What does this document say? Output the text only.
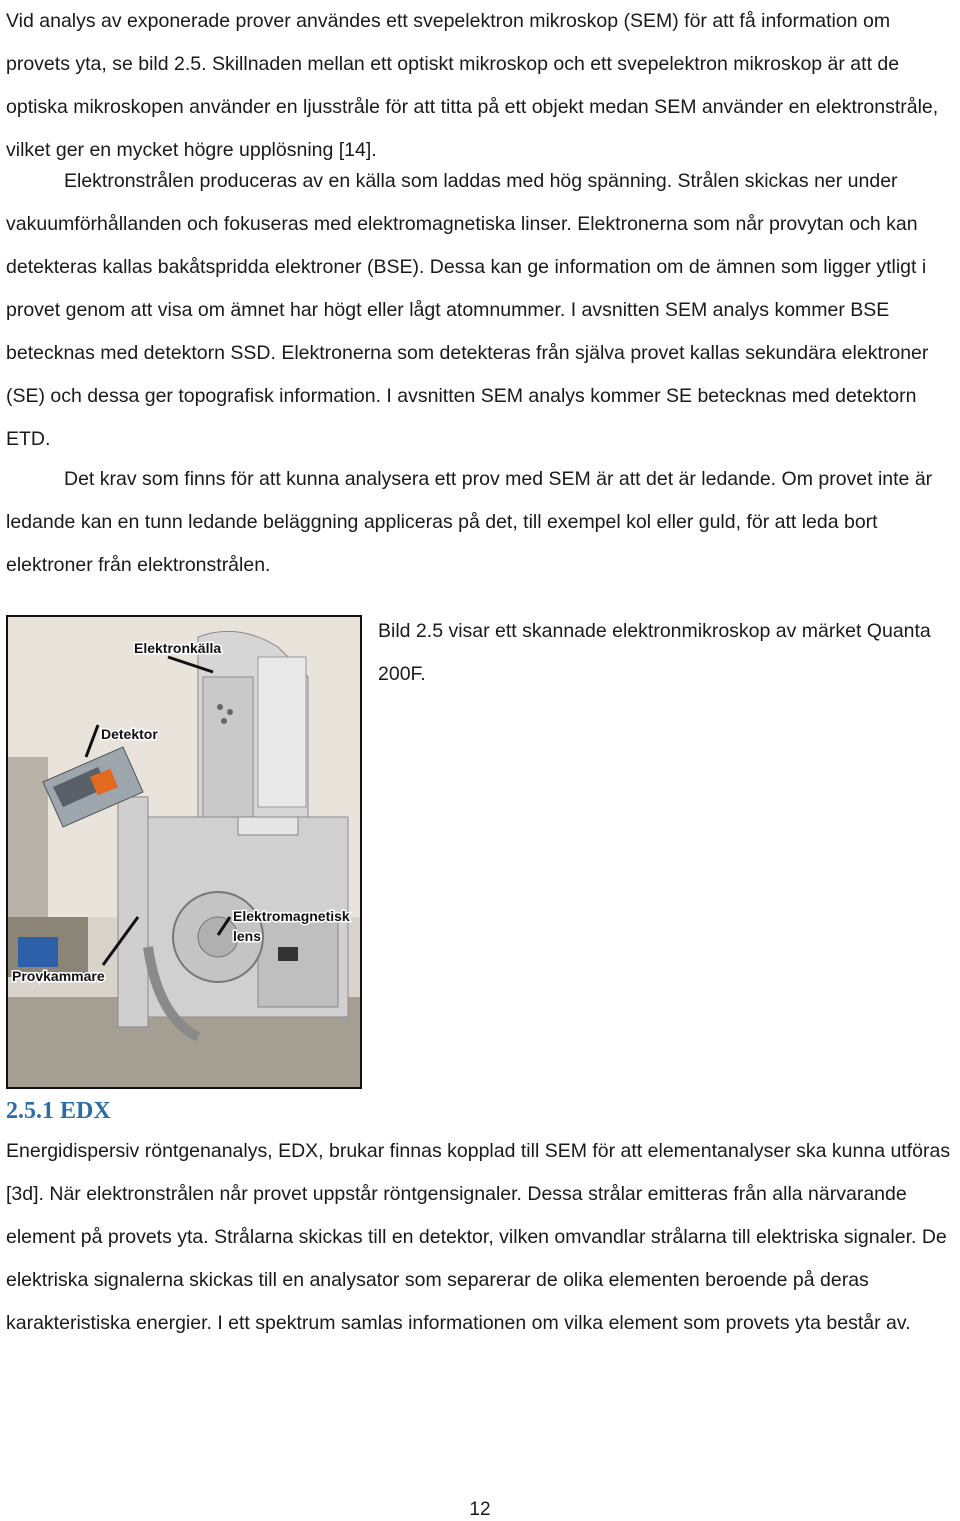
Vid analys av exponerade prover användes ett svepelektron mikroskop (SEM) för att få information om provets yta, se bild 2.5. Skillnaden mellan ett optiskt mikroskop och ett svepelektron mikroskop är att de optiska mikroskopen använder en ljusstråle för att titta på ett objekt medan SEM använder en elektronstråle, vilket ger en mycket högre upplösning [14].

Elektronstrålen produceras av en källa som laddas med hög spänning. Strålen skickas ner under vakuumförhållanden och fokuseras med elektromagnetiska linser. Elektronerna som når provytan och kan detekteras kallas bakåtspridda elektroner (BSE). Dessa kan ge information om de ämnen som ligger ytligt i provet genom att visa om ämnet har högt eller lågt atomnummer. I avsnitten SEM analys kommer BSE betecknas med detektorn SSD. Elektronerna som detekteras från själva provet kallas sekundära elektroner (SE) och dessa ger topografisk information. I avsnitten SEM analys kommer SE betecknas med detektorn ETD.

Det krav som finns för att kunna analysera ett prov med SEM är att det är ledande. Om provet inte är ledande kan en tunn ledande beläggning appliceras på det, till exempel kol eller guld, för att leda bort elektroner från elektronstrålen.

Elektronkälla
Detektor
Elektromagnetisk
lens
Provkammare

Bild 2.5 visar ett skannade elektronmikroskop av märket Quanta 200F.

2.5.1 EDX

Energidispersiv röntgenanalys, EDX, brukar finnas kopplad till SEM för att elementanalyser ska kunna utföras [3d]. När elektronstrålen når provet uppstår röntgensignaler. Dessa strålar emitteras från alla närvarande element på provets yta. Strålarna skickas till en detektor, vilken omvandlar strålarna till elektriska signaler. De elektriska signalerna skickas till en analysator som separerar de olika elementen beroende på deras karakteristiska energier. I ett spektrum samlas informationen om vilka element som provets yta består av.

12
